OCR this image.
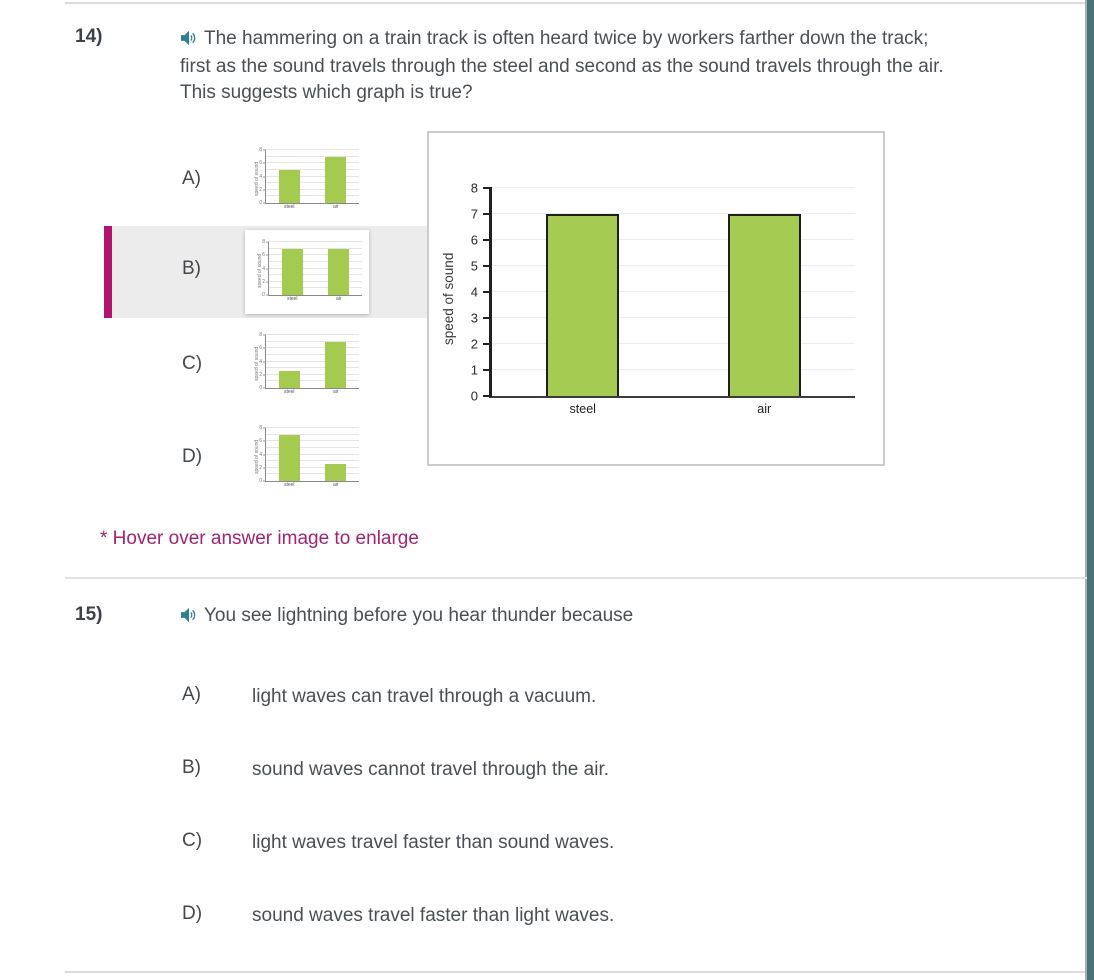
14)	The hammering on a train track is often heard twice by workers farther down the track;
first as the sound travels through the steel and second as the sound travels through the air.
This suggests which graph is true?
A)	speed of sound
0
2
4
6
8
steel	air
B)	speed of sound
0
2
4
6
8
steel	air
C)	speed of sound
0
2
4
6
8
steel	air
D)	speed of sound
0
2
4
6
8
steel	air
speed of sound
0
1
2
3
4
5
6
7
8
steel	air
* Hover over answer image to enlarge
15)	You see lightning before you hear thunder because
A)	light waves can travel through a vacuum.
B)	sound waves cannot travel through the air.
C)	light waves travel faster than sound waves.
D)	sound waves travel faster than light waves.
